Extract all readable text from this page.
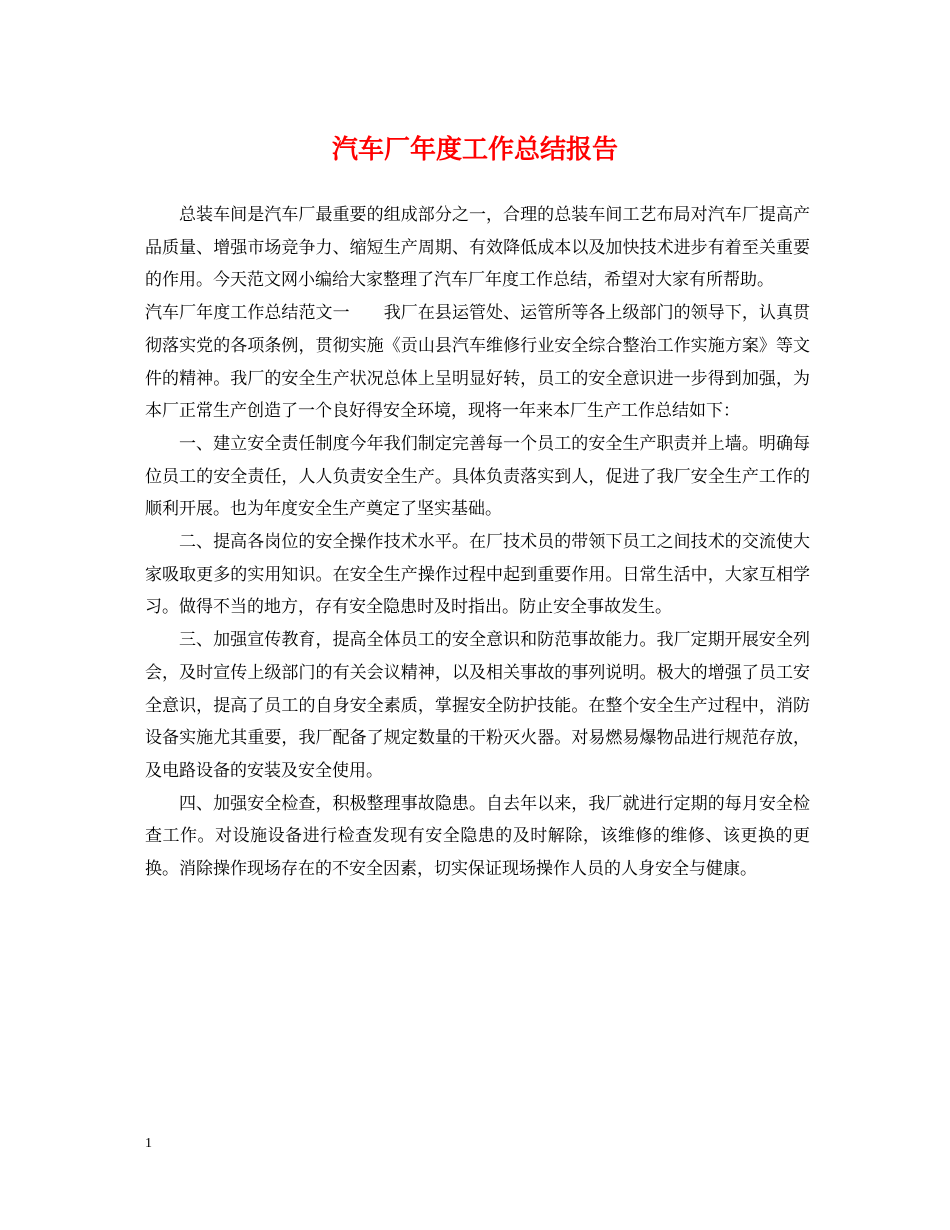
汽车厂年度工作总结报告

总装车间是汽车厂最重要的组成部分之一，合理的总装车间工艺布局对汽车厂提高产品质量、增强市场竞争力、缩短生产周期、有效降低成本以及加快技术进步有着至关重要的作用。今天范文网小编给大家整理了汽车厂年度工作总结，希望对大家有所帮助。

汽车厂年度工作总结范文一　　我厂在县运管处、运管所等各上级部门的领导下，认真贯彻落实党的各项条例，贯彻实施《贡山县汽车维修行业安全综合整治工作实施方案》等文件的精神。我厂的安全生产状况总体上呈明显好转，员工的安全意识进一步得到加强，为本厂正常生产创造了一个良好得安全环境，现将一年来本厂生产工作总结如下：

一、建立安全责任制度今年我们制定完善每一个员工的安全生产职责并上墙。明确每位员工的安全责任，人人负责安全生产。具体负责落实到人，促进了我厂安全生产工作的顺利开展。也为年度安全生产奠定了坚实基础。

二、提高各岗位的安全操作技术水平。在厂技术员的带领下员工之间技术的交流使大家吸取更多的实用知识。在安全生产操作过程中起到重要作用。日常生活中，大家互相学习。做得不当的地方，存有安全隐患时及时指出。防止安全事故发生。

三、加强宣传教育，提高全体员工的安全意识和防范事故能力。我厂定期开展安全列会，及时宣传上级部门的有关会议精神，以及相关事故的事列说明。极大的增强了员工安全意识，提高了员工的自身安全素质，掌握安全防护技能。在整个安全生产过程中，消防设备实施尤其重要，我厂配备了规定数量的干粉灭火器。对易燃易爆物品进行规范存放，及电路设备的安装及安全使用。

四、加强安全检查，积极整理事故隐患。自去年以来，我厂就进行定期的每月安全检查工作。对设施设备进行检查发现有安全隐患的及时解除，该维修的维修、该更换的更换。消除操作现场存在的不安全因素，切实保证现场操作人员的人身安全与健康。

1
